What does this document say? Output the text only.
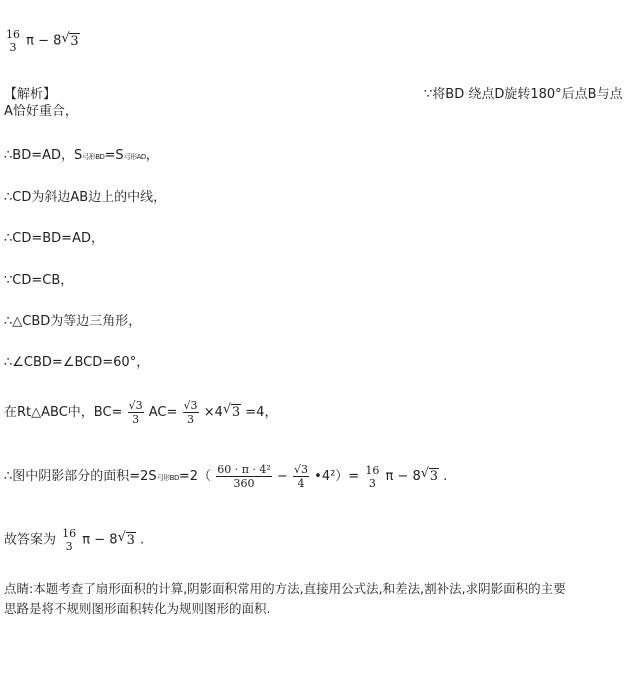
16
3 π − 8√ 3
【解析】	∵将BD 绕点D旋转180°后点B与点
A恰好重合，
∴BD=AD，S弓形BD=S弓形AD，
∴CD为斜边AB边上的中线，
∴CD=BD=AD，
∵CD=CB，
∴△CBD为等边三角形，
∴∠CBD=∠BCD=60°，
在Rt△ABC中，$BC= \frac{√3}{3} AC= \frac{√3}{3} \times 4√$ 3 =4，
∴图中阴影部分的面积=2S弓形$BD=2( \frac{\text{60 · π · 4²}}{360} - \frac{√3}{4}$ •4²）= 16
3 π − 8√ 3 .
故答案为 16
3 π − 8√ 3 .
点睛:本题考查了扇形面积的计算,阴影面积常用的方法,直接用公式法,和差法,割补法,求阴影面积的主要
思路是将不规则图形面积转化为规则图形的面积.
